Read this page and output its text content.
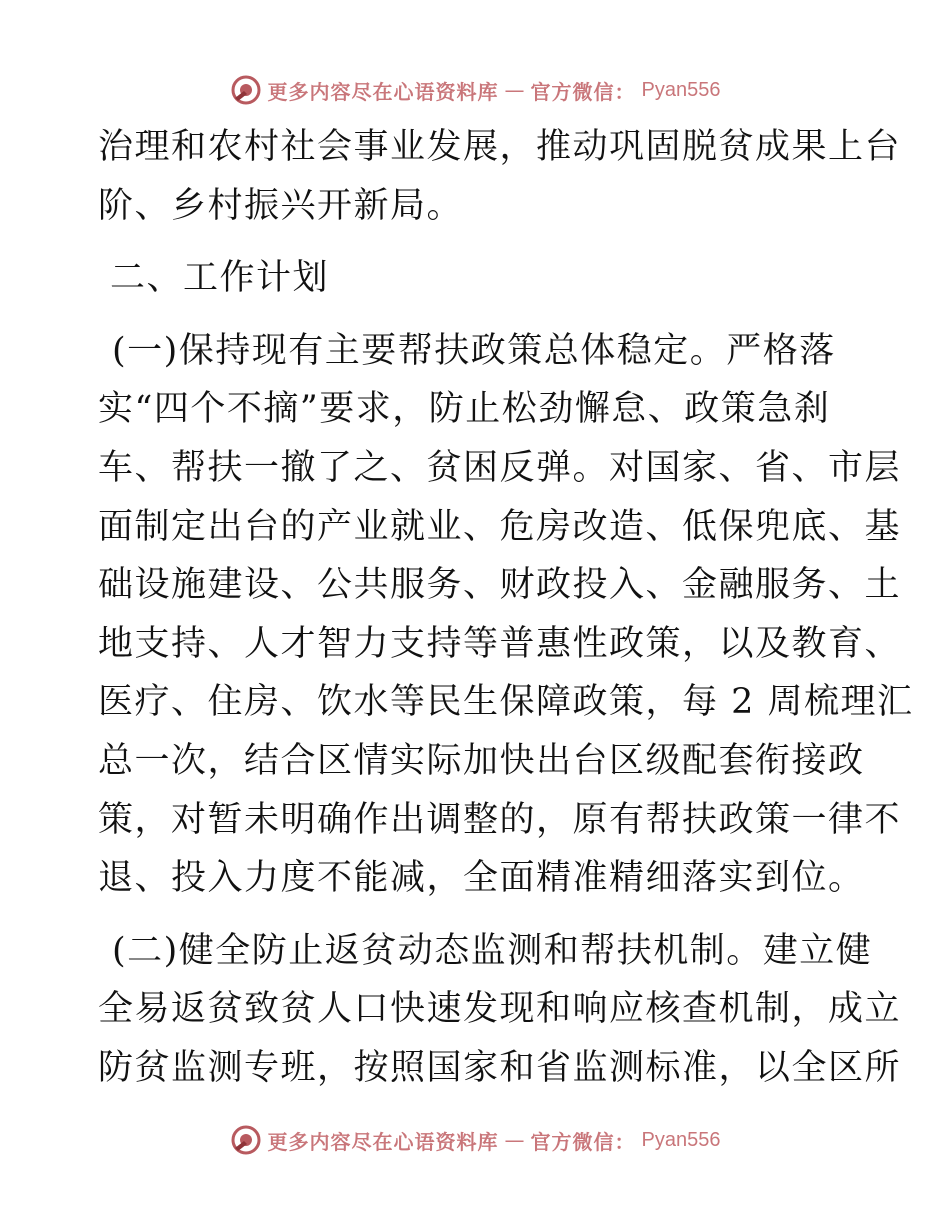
更多内容尽在心语资料库 — 官方微信： Pyan556
治理和农村社会事业发展，推动巩固脱贫成果上台
阶、乡村振兴开新局。
二、工作计划
(一)保持现有主要帮扶政策总体稳定。严格落
实“四个不摘”要求，防止松劲懈怠、政策急刹
车、帮扶一撤了之、贫困反弹。对国家、省、市层
面制定出台的产业就业、危房改造、低保兜底、基
础设施建设、公共服务、财政投入、金融服务、土
地支持、人才智力支持等普惠性政策，以及教育、
医疗、住房、饮水等民生保障政策，每 2 周梳理汇
总一次，结合区情实际加快出台区级配套衔接政
策，对暂未明确作出调整的，原有帮扶政策一律不
退、投入力度不能减，全面精准精细落实到位。
(二)健全防止返贫动态监测和帮扶机制。建立健
全易返贫致贫人口快速发现和响应核查机制，成立
防贫监测专班，按照国家和省监测标准，以全区所
更多内容尽在心语资料库 — 官方微信： Pyan556
